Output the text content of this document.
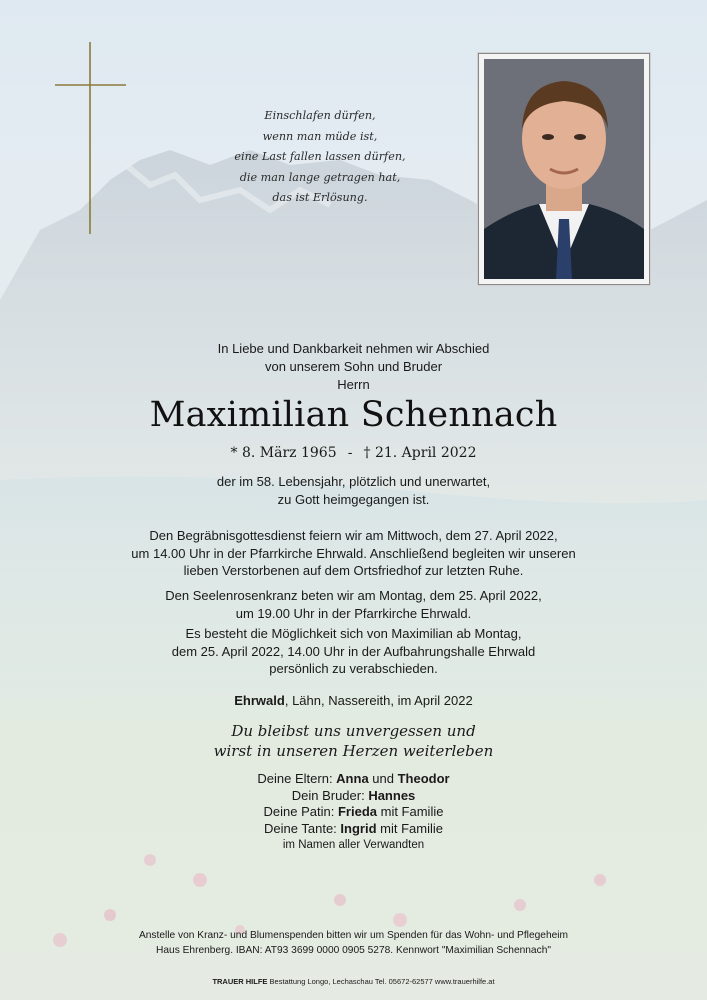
Einschlafen dürfen,
wenn man müde ist,
eine Last fallen lassen dürfen,
die man lange getragen hat,
das ist Erlösung.
In Liebe und Dankbarkeit nehmen wir Abschied
von unserem Sohn und Bruder
Herrn
Maximilian Schennach
* 8. März 1965 - † 21. April 2022
der im 58. Lebensjahr, plötzlich und unerwartet,
zu Gott heimgegangen ist.
Den Begräbnisgottesdienst feiern wir am Mittwoch, dem 27. April 2022,
um 14.00 Uhr in der Pfarrkirche Ehrwald. Anschließend begleiten wir unseren
lieben Verstorbenen auf dem Ortsfriedhof zur letzten Ruhe.
Den Seelenrosenkranz beten wir am Montag, dem 25. April 2022,
um 19.00 Uhr in der Pfarrkirche Ehrwald.
Es besteht die Möglichkeit sich von Maximilian ab Montag,
dem 25. April 2022, 14.00 Uhr in der Aufbahrungshalle Ehrwald
persönlich zu verabschieden.
Ehrwald, Lähn, Nassereith, im April 2022
Du bleibst uns unvergessen und
wirst in unseren Herzen weiterleben
Deine Eltern: Anna und Theodor
Dein Bruder: Hannes
Deine Patin: Frieda mit Familie
Deine Tante: Ingrid mit Familie
im Namen aller Verwandten
Anstelle von Kranz- und Blumenspenden bitten wir um Spenden für das Wohn- und Pflegeheim
Haus Ehrenberg. IBAN: AT93 3699 0000 0905 5278. Kennwort "Maximilian Schennach"
TRAUER HILFE Bestattung Longo, Lechaschau Tel. 05672-62577 www.trauerhilfe.at
